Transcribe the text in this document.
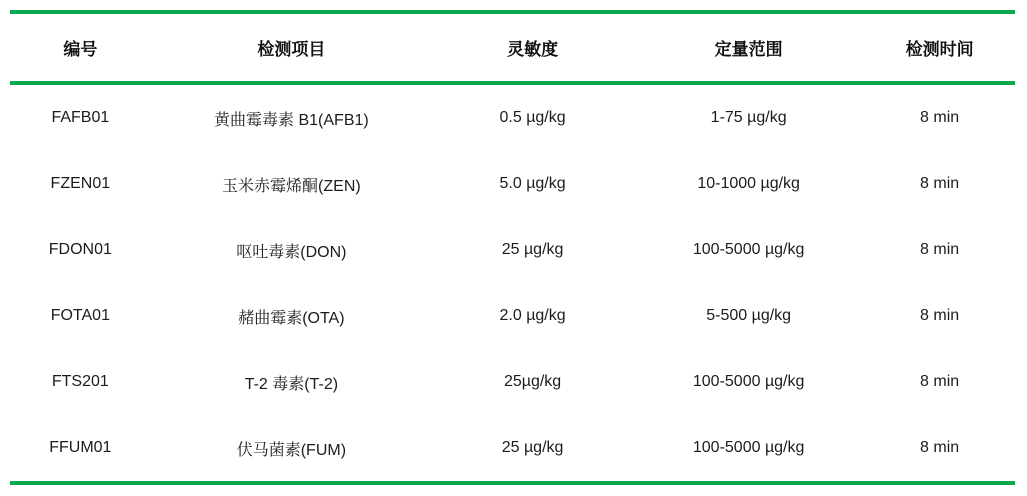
编号	检测项目	灵敏度	定量范围	检测时间
FAFB01	黄曲霉毒素 B1(AFB1)	0.5 µg/kg	1-75 µg/kg	8 min
FZEN01	玉米赤霉烯酮(ZEN)	5.0 µg/kg	10-1000 µg/kg	8 min
FDON01	呕吐毒素(DON)	25 µg/kg	100-5000 µg/kg	8 min
FOTA01	赭曲霉素(OTA)	2.0 µg/kg	5-500 µg/kg	8 min
FTS201	T-2 毒素(T-2)	25µg/kg	100-5000 µg/kg	8 min
FFUM01	伏马菌素(FUM)	25 µg/kg	100-5000 µg/kg	8 min
